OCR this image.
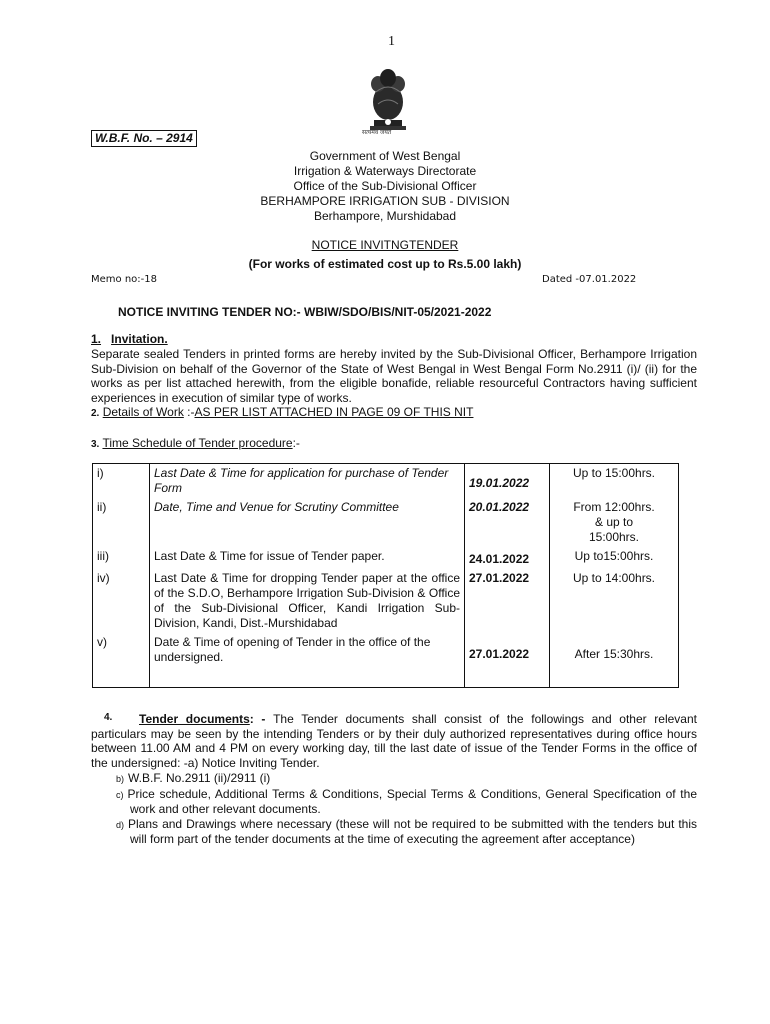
1
सत्यमेव जयते
W.B.F. No. – 2914
Government of West Bengal
Irrigation & Waterways Directorate
Office of the Sub-Divisional Officer
BERHAMPORE IRRIGATION SUB - DIVISION
Berhampore, Murshidabad
NOTICE INVITNGTENDER
(For works of estimated cost up to Rs.5.00 lakh)
Memo no:-18	Dated -07.01.2022
NOTICE INVITING TENDER NO:- WBIW/SDO/BIS/NIT-05/2021-2022
1. Invitation.
Separate sealed Tenders in printed forms are hereby invited by the Sub-Divisional Officer, Berhampore Irrigation Sub-Division on behalf of the Governor of the State of West Bengal in West Bengal Form No.2911 (i)/ (ii) for the works as per list attached herewith, from the eligible bonafide, reliable resourceful Contractors having sufficient experiences in execution of similar type of works.
2. Details of Work :-AS PER LIST ATTACHED IN PAGE 09 OF THIS NIT
3. Time Schedule of Tender procedure:-
i)	Last Date & Time for application for purchase of Tender Form	19.01.2022	Up to 15:00hrs.
ii)	Date, Time and Venue for Scrutiny Committee	20.01.2022	From 12:00hrs.
& up to
15:00hrs.

iii)	Last Date & Time for issue of Tender paper.	24.01.2022	Up to15:00hrs.
iv)	Last Date & Time for dropping Tender paper at the office of the S.D.O, Berhampore Irrigation Sub-Division & Office of the Sub-Divisional Officer, Kandi Irrigation Sub-Division, Kandi, Dist.-Murshidabad	27.01.2022	Up to 14:00hrs.
v)	Date & Time of opening of Tender in the office of the undersigned.	27.01.2022	After 15:30hrs.
Tender documents: - The Tender documents shall consist of the followings and other relevant particulars may be seen by the intending Tenders or by their duly authorized representatives during office hours between 11.00 AM and 4 PM on every working day, till the last date of issue of the Tender Forms in the office of the undersigned: -a) Notice Inviting Tender.
4.
b) W.B.F. No.2911 (ii)/2911 (i)
c) Price schedule, Additional Terms & Conditions, Special Terms & Conditions, General Specification of the work and other relevant documents.
d) Plans and Drawings where necessary (these will not be required to be submitted with the tenders but this will form part of the tender documents at the time of executing the agreement after acceptance)
